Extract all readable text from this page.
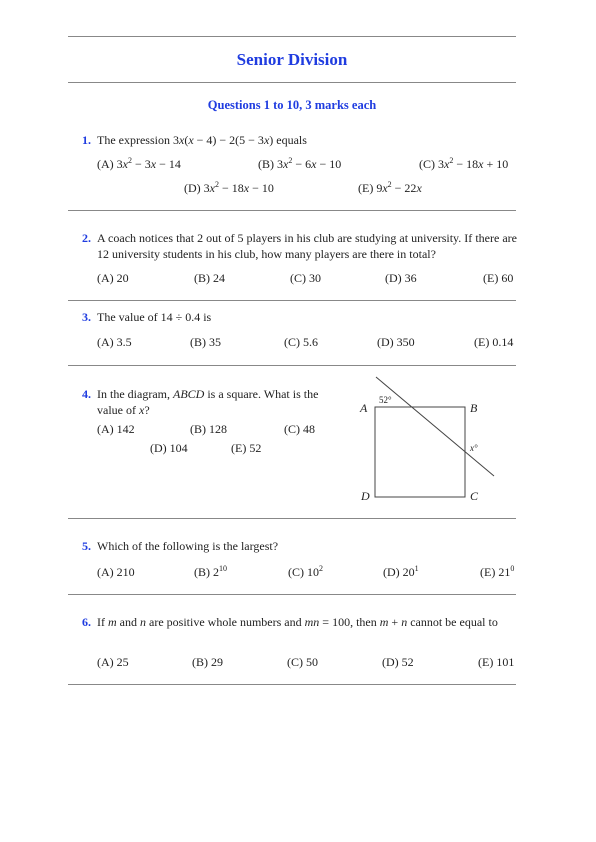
Senior Division
Questions 1 to 10, 3 marks each
1. The expression 3x(x − 4) − 2(5 − 3x) equals
(A) $3x^2 - 3x - 14$	(B) $3x^2 - 6x - 10$	(C) $3x^2 - 18x + 10$
(D) $3x^2 - 18x - 10$	(E) $9x^2 - 22x$
2. A coach notices that 2 out of 5 players in his club are studying at university. If there are 12 university students in his club, how many players are there in total?
(A) 20	(B) 24	(C) 30	(D) 36	(E) 60
3. The value of 14 ÷ 0.4 is
(A) 3.5	(B) 35	(C) 5.6	(D) 350	(E) 0.14
4. In the diagram, ABCD is a square. What is the value of x?
(A) 142	(B) 128	(C) 48
(D) 104	(E) 52
A	B
C
D
52°
x°
5. Which of the following is the largest?
(A) 210	(B) $2^{10}$	(C) $10^2$	(D) $20^1$	(E) $21^0$
6. If m and n are positive whole numbers and mn = 100, then m + n cannot be equal to
(A) 25	(B) 29	(C) 50	(D) 52	(E) 101
